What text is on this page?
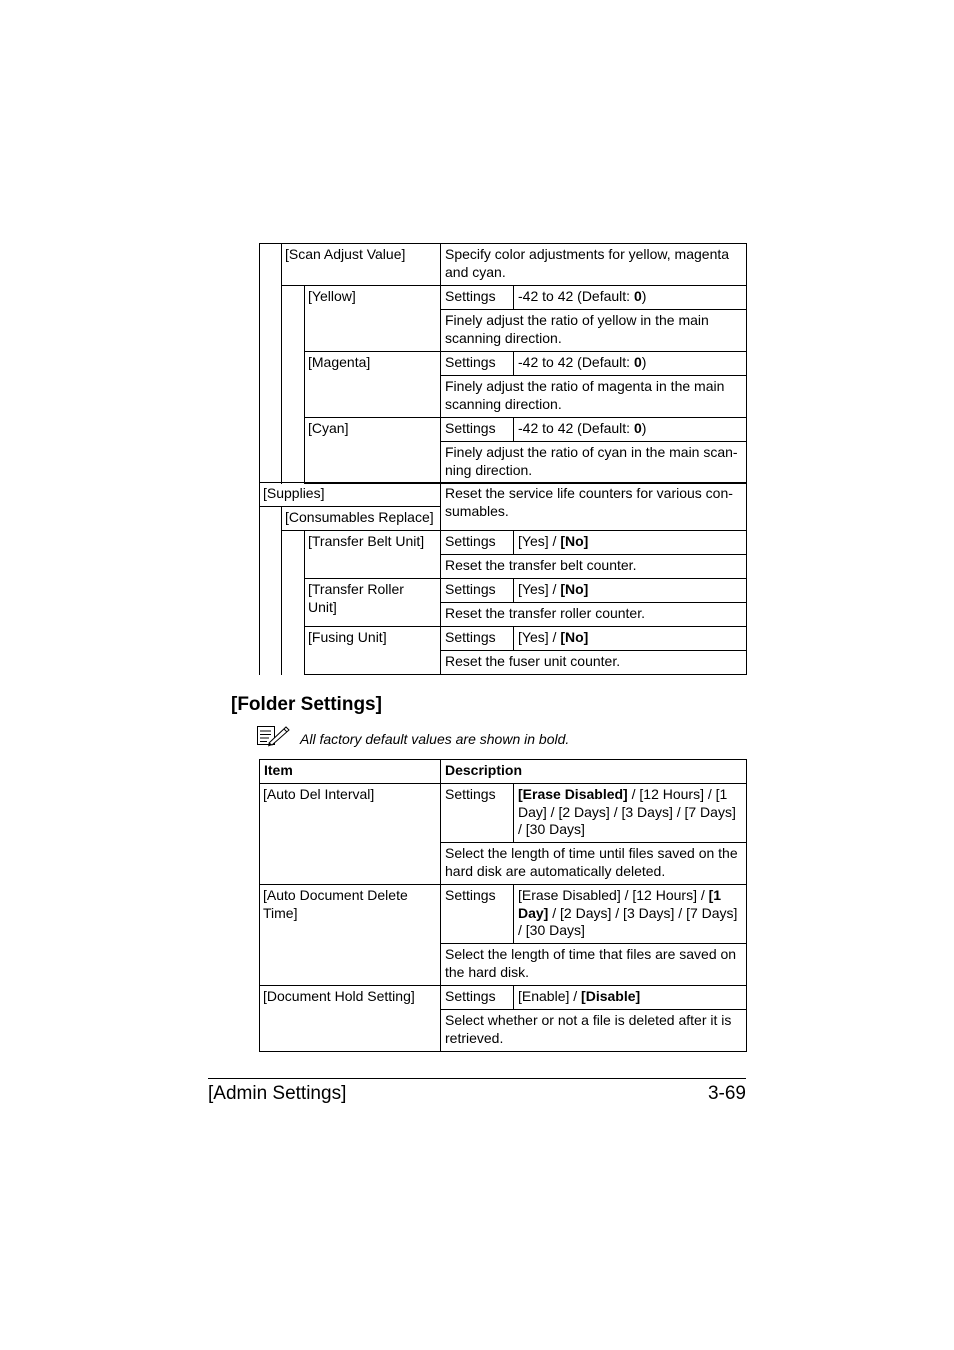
	[Scan Adjust Value]		Specify color adjustments for yellow, magenta and cyan.	
		[Yellow]	Settings	-42 to 42 (Default: 0)
			Finely adjust the ratio of yellow in the main scanning direction.	
		[Magenta]	Settings	-42 to 42 (Default: 0)
			Finely adjust the ratio of magenta in the main scanning direction.	
		[Cyan]	Settings	-42 to 42 (Default: 0)
			Finely adjust the ratio of cyan in the main scan-ning direction.	
[Supplies]			Reset the service life counters for various con-sumables.	
	[Consumables Replace]			
		[Transfer Belt Unit]	Settings	[Yes] / [No]
			Reset the transfer belt counter.	
		[Transfer Roller Unit]	Settings	[Yes] / [No]
			Reset the transfer roller counter.	
		[Fusing Unit]	Settings	[Yes] / [No]
			Reset the fuser unit counter.	
[Folder Settings]
All factory default values are shown in bold.
Item	Description	
[Auto Del Interval]	Settings	[Erase Disabled] / [12 Hours] / [1 Day] / [2 Days] / [3 Days] / [7 Days] / [30 Days]
	Select the length of time until files saved on the hard disk are automatically deleted.	
[Auto Document Delete Time]	Settings	[Erase Disabled] / [12 Hours] / [1 Day] / [2 Days] / [3 Days] / [7 Days] / [30 Days]
	Select the length of time that files are saved on the hard disk.	
[Document Hold Setting]	Settings	[Enable] / [Disable]
	Select whether or not a file is deleted after it is retrieved.	
[Admin Settings]	3-69
